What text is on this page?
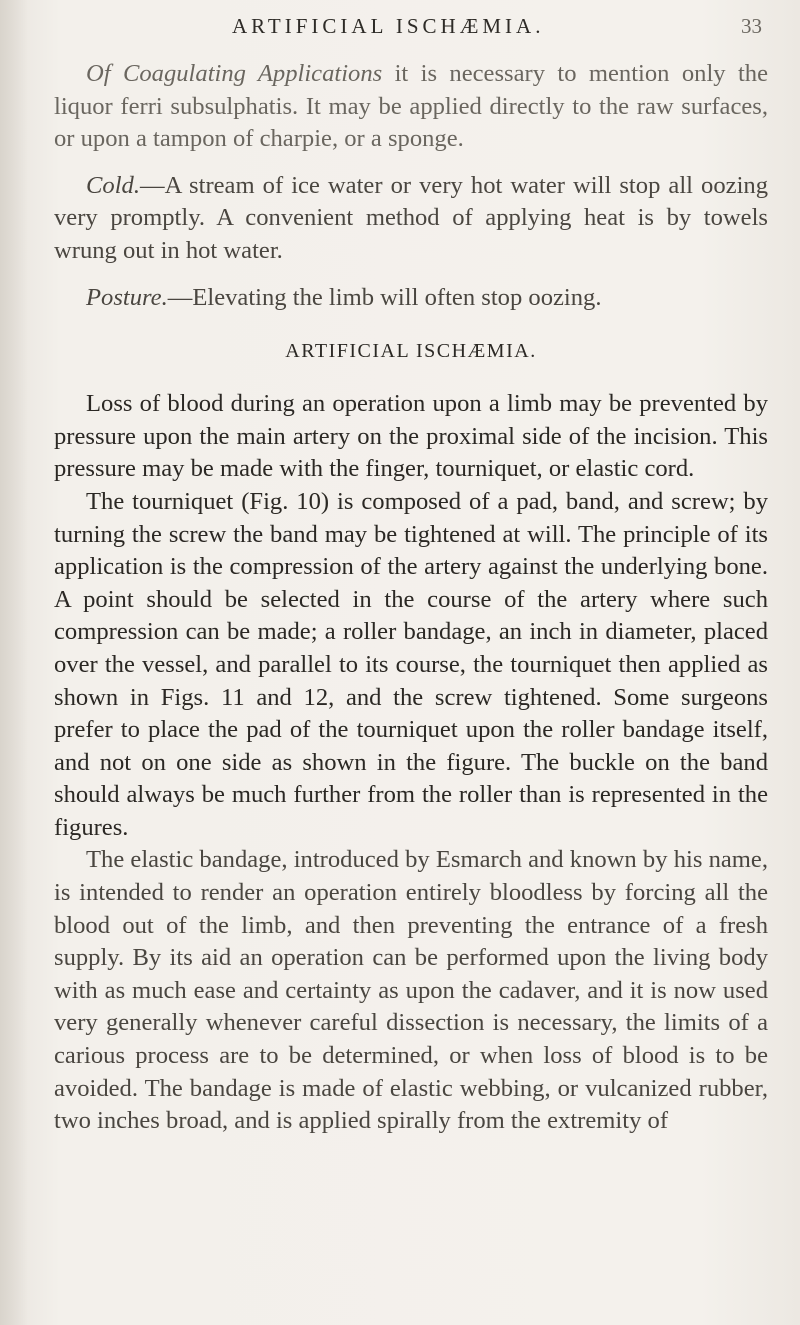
ARTIFICIAL ISCHÆMIA.	33

Of Coagulating Applications it is necessary to mention only the liquor ferri subsulphatis. It may be applied directly to the raw surfaces, or upon a tampon of charpie, or a sponge.

Cold.—A stream of ice water or very hot water will stop all oozing very promptly. A convenient method of applying heat is by towels wrung out in hot water.

Posture.—Elevating the limb will often stop oozing.

ARTIFICIAL ISCHÆMIA.

Loss of blood during an operation upon a limb may be prevented by pressure upon the main artery on the proximal side of the incision. This pressure may be made with the finger, tourniquet, or elastic cord.

The tourniquet (Fig. 10) is composed of a pad, band, and screw; by turning the screw the band may be tightened at will. The principle of its application is the compression of the artery against the underlying bone. A point should be selected in the course of the artery where such compression can be made; a roller bandage, an inch in diameter, placed over the vessel, and parallel to its course, the tourniquet then applied as shown in Figs. 11 and 12, and the screw tightened. Some surgeons prefer to place the pad of the tourniquet upon the roller bandage itself, and not on one side as shown in the figure. The buckle on the band should always be much further from the roller than is represented in the figures.

The elastic bandage, introduced by Esmarch and known by his name, is intended to render an operation entirely bloodless by forcing all the blood out of the limb, and then preventing the entrance of a fresh supply. By its aid an operation can be performed upon the living body with as much ease and certainty as upon the cadaver, and it is now used very generally whenever careful dissection is necessary, the limits of a carious process are to be determined, or when loss of blood is to be avoided. The bandage is made of elastic webbing, or vulcanized rubber, two inches broad, and is applied spirally from the extremity of
